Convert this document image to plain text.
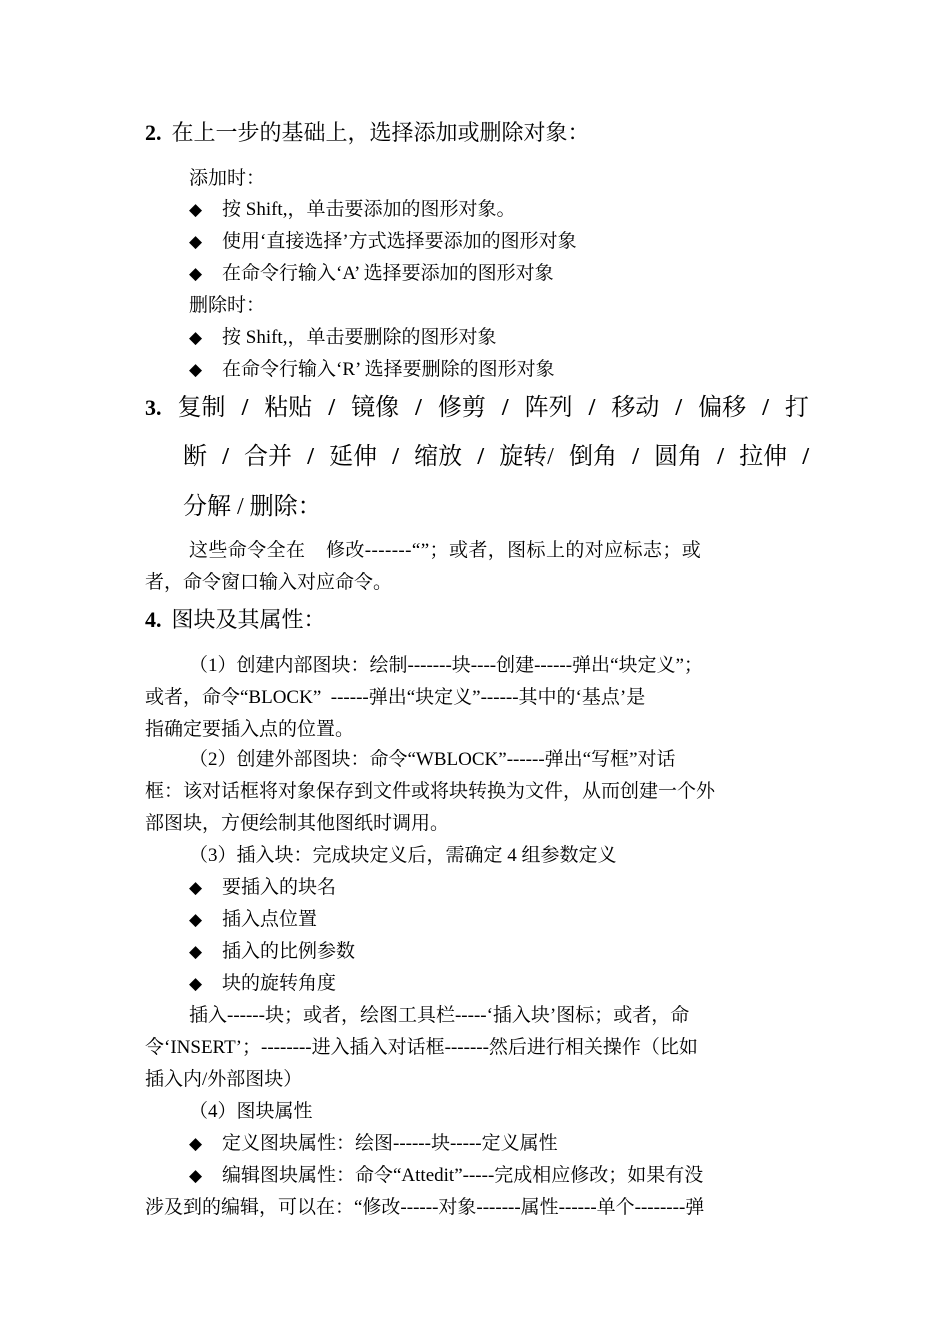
2. 在上一步的基础上，选择添加或删除对象：
添加时：
◆ 按 Shift,，单击要添加的图形对象。
◆ 使用‘直接选择’方式选择要添加的图形对象
◆ 在命令行输入‘A’ 选择要添加的图形对象
删除时：
◆ 按 Shift,，单击要删除的图形对象
◆ 在命令行输入‘R’ 选择要删除的图形对象
3. 复制 / 粘贴 / 镜像 / 修剪 / 阵列 / 移动 / 偏移 / 打
断 / 合并 / 延伸 / 缩放 / 旋转/ 倒角 / 圆角 / 拉伸 /
分解 / 删除：
这些命令全在    修改-------“”；或者，图标上的对应标志；或
者，命令窗口输入对应命令。
4. 图块及其属性：
（1）创建内部图块：绘制-------块----创建------弹出“块定义”；
或者，命令“BLOCK”  ------弹出“块定义”------其中的‘基点’是
指确定要插入点的位置。
（2）创建外部图块：命令“WBLOCK”------弹出“写框”对话
框：该对话框将对象保存到文件或将块转换为文件，从而创建一个外
部图块，方便绘制其他图纸时调用。
（3）插入块：完成块定义后，需确定 4 组参数定义
◆ 要插入的块名
◆ 插入点位置
◆ 插入的比例参数
◆ 块的旋转角度
插入------块；或者，绘图工具栏-----‘插入块’图标；或者，命
令‘INSERT’；--------进入插入对话框-------然后进行相关操作（比如
插入内/外部图块）
（4）图块属性
◆ 定义图块属性：绘图------块-----定义属性
◆	编辑图块属性：命令“Attedit”-----完成相应修改；如果有没
涉及到的编辑，可以在：“修改------对象-------属性------单个--------弹
